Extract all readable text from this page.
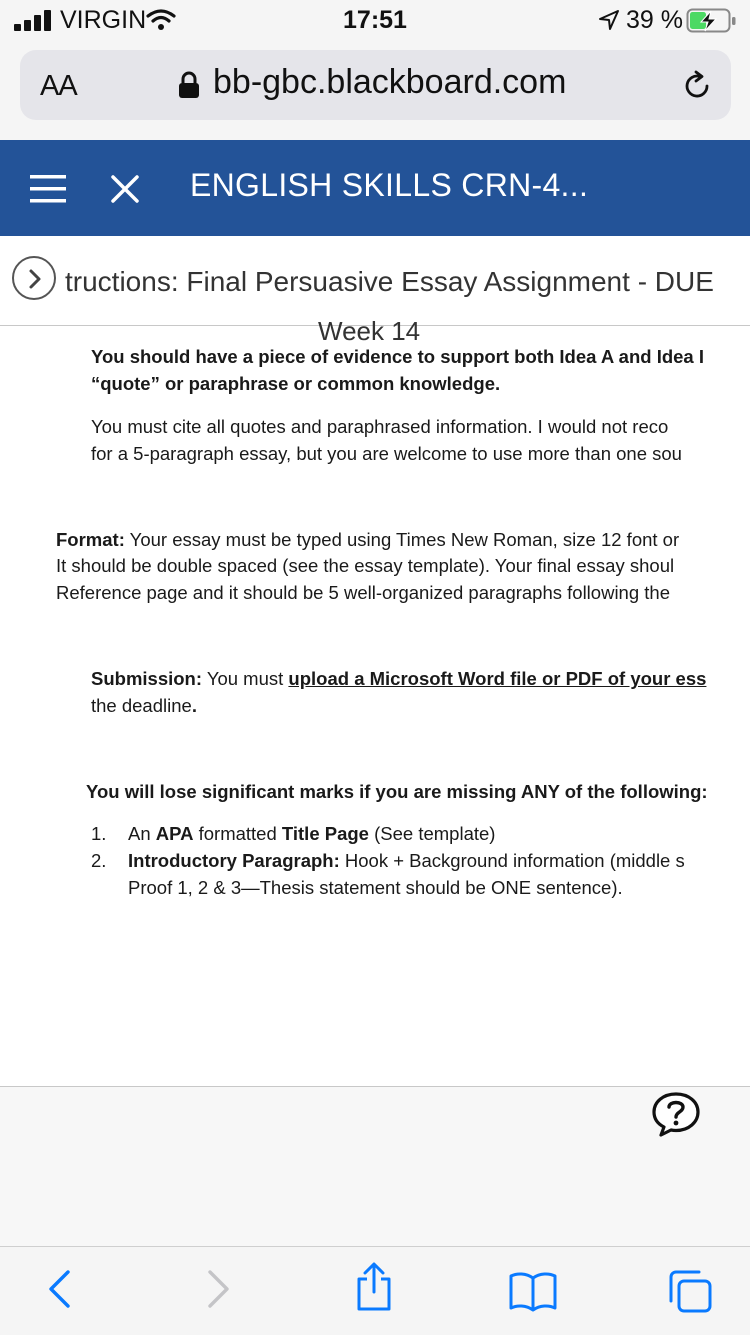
VIRGIN	17:51	39 %
AA	bb-gbc.blackboard.com
ENGLISH SKILLS CRN-4...
tructions: Final Persuasive Essay Assignment - DUE
Week 14
You should have a piece of evidence to support both Idea A and Idea I
“quote” or paraphrase or common knowledge.
You must cite all quotes and paraphrased information. I would not reco
for a 5-paragraph essay, but you are welcome to use more than one sou
Format: Your essay must be typed using Times New Roman, size 12 font or
It should be double spaced (see the essay template). Your final essay shoul
Reference page and it should be 5 well-organized paragraphs following the
Submission: You must upload a Microsoft Word file or PDF of your ess
the deadline.
You will lose significant marks if you are missing ANY of the following:
1. An APA formatted Title Page (See template)
2. Introductory Paragraph: Hook + Background information (middle s
Proof 1, 2 & 3—Thesis statement should be ONE sentence).
